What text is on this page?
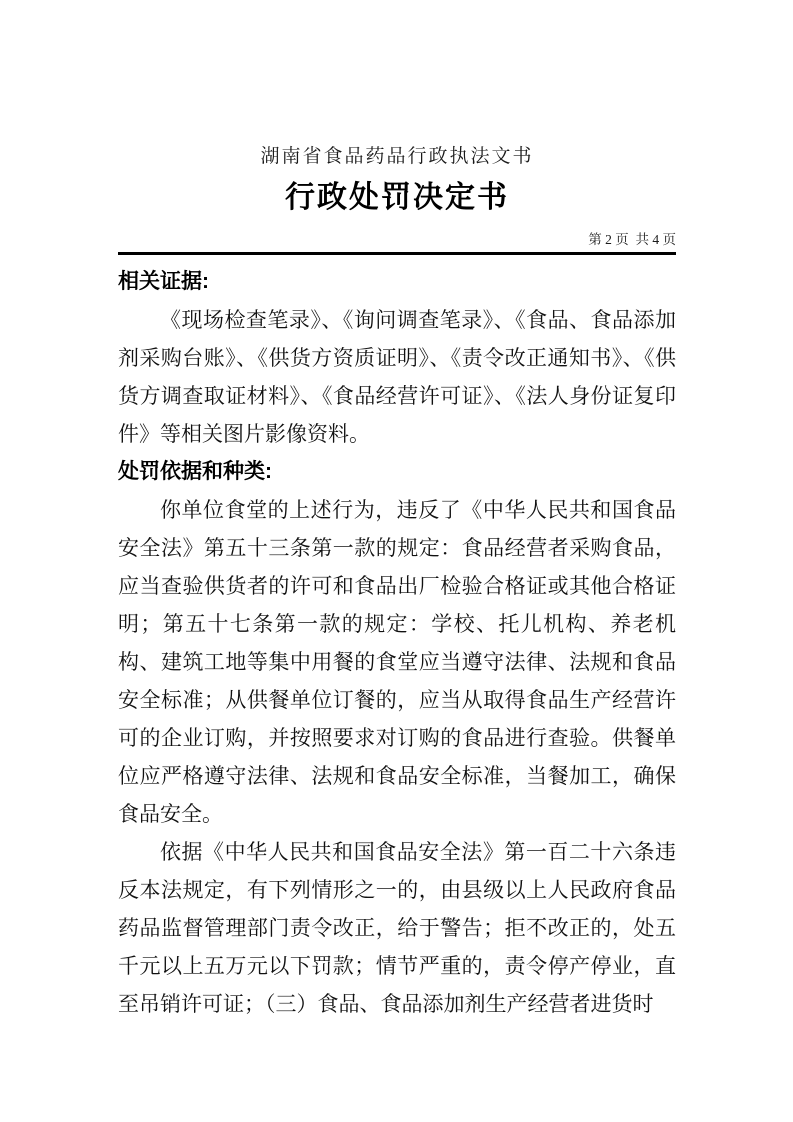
湖南省食品药品行政执法文书
行政处罚决定书
第 2 页  共 4 页
相关证据:

《现场检查笔录》、《询问调查笔录》、《食品、食品添加剂采购台账》、《供货方资质证明》、《责令改正通知书》、《供货方调查取证材料》、《食品经营许可证》、《法人身份证复印件》等相关图片影像资料。

处罚依据和种类:

你单位食堂的上述行为，违反了《中华人民共和国食品安全法》第五十三条第一款的规定：食品经营者采购食品，应当查验供货者的许可和食品出厂检验合格证或其他合格证明；第五十七条第一款的规定：学校、托儿机构、养老机构、建筑工地等集中用餐的食堂应当遵守法律、法规和食品安全标准；从供餐单位订餐的，应当从取得食品生产经营许可的企业订购，并按照要求对订购的食品进行查验。供餐单位应严格遵守法律、法规和食品安全标准，当餐加工，确保食品安全。

依据《中华人民共和国食品安全法》第一百二十六条违反本法规定，有下列情形之一的，由县级以上人民政府食品药品监督管理部门责令改正，给于警告；拒不改正的，处五千元以上五万元以下罚款；情节严重的，责令停产停业，直至吊销许可证；（三）食品、食品添加剂生产经营者进货时
